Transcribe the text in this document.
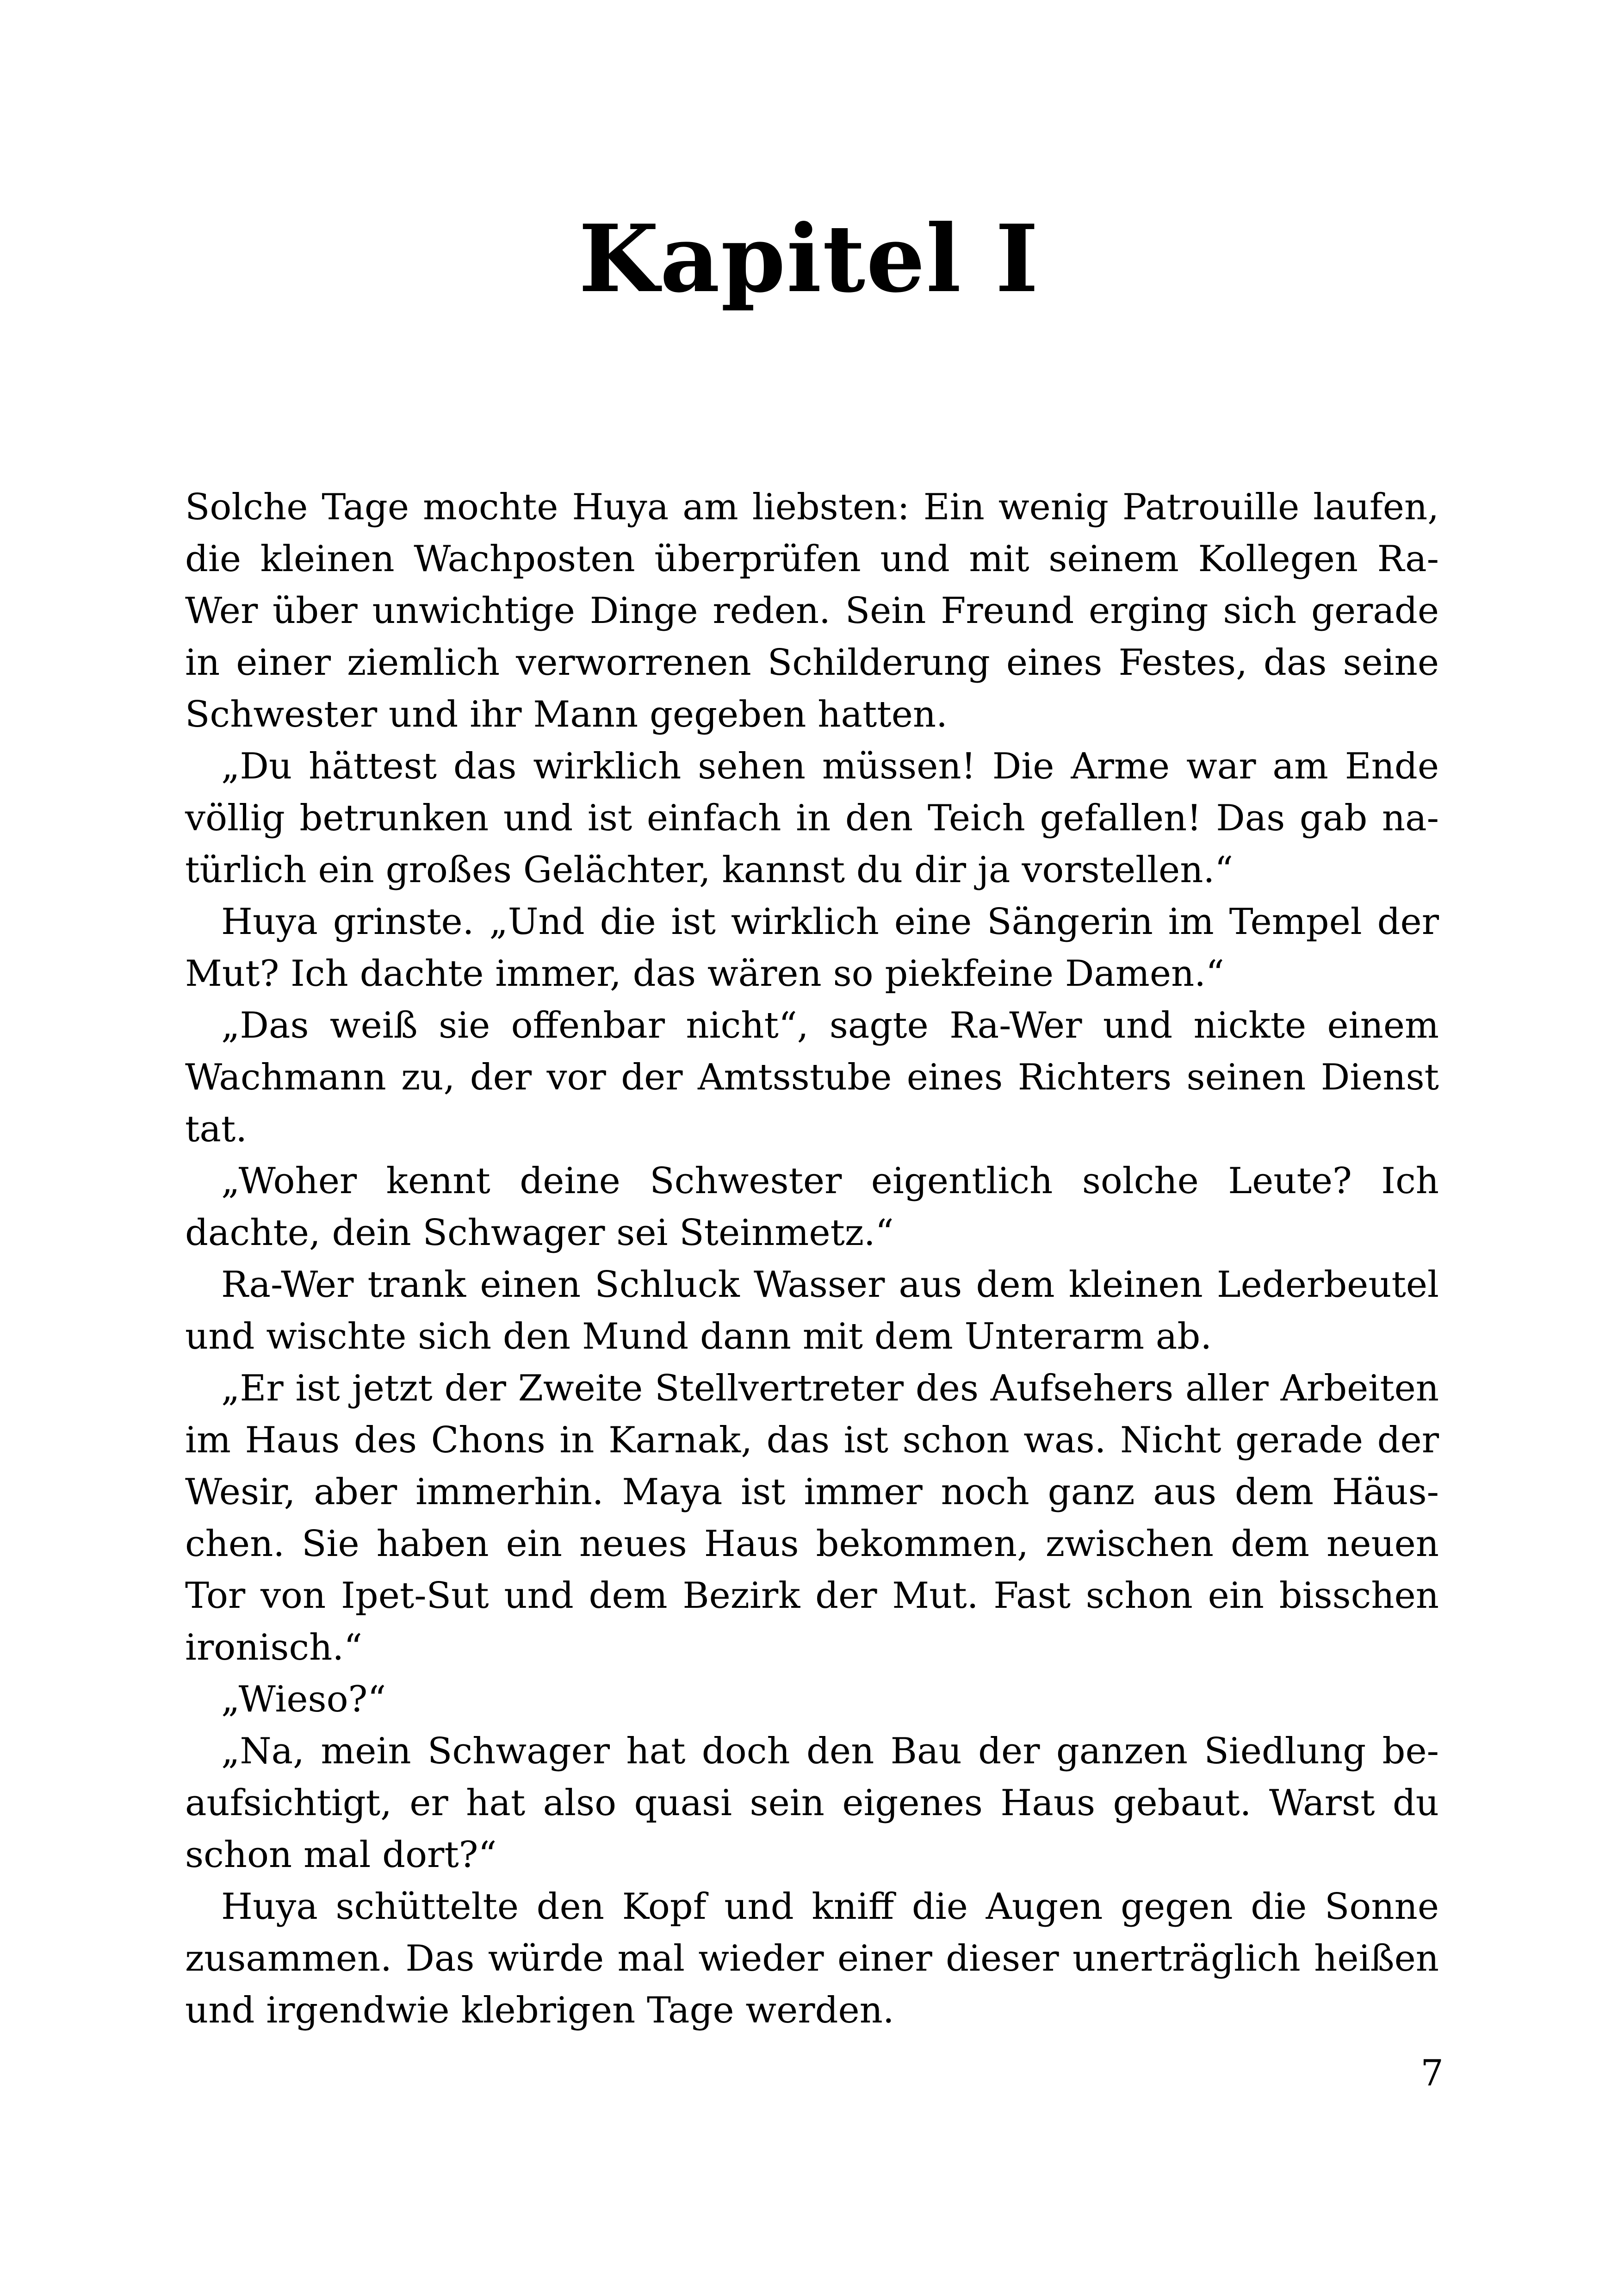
Kapitel I
Solche Tage mochte Huya am liebsten: Ein wenig Patrouille laufen,
die kleinen Wachposten überprüfen und mit seinem Kollegen Ra-
Wer über unwichtige Dinge reden. Sein Freund erging sich gerade
in einer ziemlich verworrenen Schilderung eines Festes, das seine
Schwester und ihr Mann gegeben hatten.
„Du hättest das wirklich sehen müssen! Die Arme war am Ende
völlig betrunken und ist einfach in den Teich gefallen! Das gab na-
türlich ein großes Gelächter, kannst du dir ja vorstellen.“
Huya grinste. „Und die ist wirklich eine Sängerin im Tempel der
Mut? Ich dachte immer, das wären so piekfeine Damen.“
„Das weiß sie offenbar nicht“, sagte Ra-Wer und nickte einem
Wachmann zu, der vor der Amtsstube eines Richters seinen Dienst
tat.
„Woher kennt deine Schwester eigentlich solche Leute? Ich
dachte, dein Schwager sei Steinmetz.“
Ra-Wer trank einen Schluck Wasser aus dem kleinen Lederbeutel
und wischte sich den Mund dann mit dem Unterarm ab.
„Er ist jetzt der Zweite Stellvertreter des Aufsehers aller Arbeiten
im Haus des Chons in Karnak, das ist schon was. Nicht gerade der
Wesir, aber immerhin. Maya ist immer noch ganz aus dem Häus-
chen. Sie haben ein neues Haus bekommen, zwischen dem neuen
Tor von Ipet-Sut und dem Bezirk der Mut. Fast schon ein bisschen
ironisch.“
„Wieso?“
„Na, mein Schwager hat doch den Bau der ganzen Siedlung be-
aufsichtigt, er hat also quasi sein eigenes Haus gebaut. Warst du
schon mal dort?“
Huya schüttelte den Kopf und kniff die Augen gegen die Sonne
zusammen. Das würde mal wieder einer dieser unerträglich heißen
und irgendwie klebrigen Tage werden.
7
